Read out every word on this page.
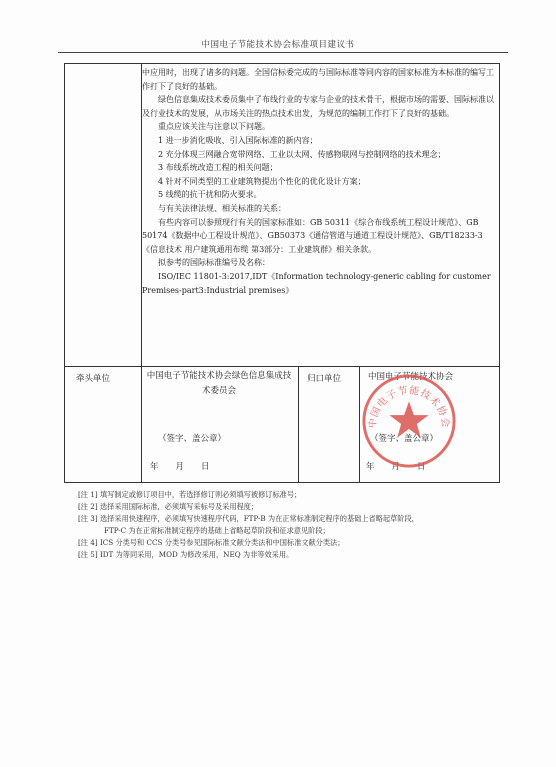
中国电子节能技术协会标准项目建议书

中应用时，出现了诸多的问题。全国信标委完成的与国际标准等同内容的国家标准为本标准的编写工作打下了良好的基础。

绿色信息集成技术委员集中了布线行业的专家与企业的技术骨干，根据市场的需要、国际标准以及行业技术的发展，从市场关注的热点技术出发，为规范的编制工作打下了良好的基础。

重点应该关注与注意以下问题。

1 进一步消化吸收、引入国际标准的新内容；

2 充分体现三网融合宽带网络、工业以太网、传感物联网与控制网络的技术理念；

3 布线系统改造工程的相关问题；

4 针对不同类型的工业建筑物提出个性化的优化设计方案；

5 线缆的抗干扰和防火要求。

与有关法律法规、相关标准的关系：

有些内容可以参照现行有关的国家标准如：GB 50311《综合布线系统工程设计规范》、GB 50174《数据中心工程设计规范》、GB50373《通信管道与通道工程设计规范》、GB/T18233-3《信息技术 用户建筑通用布缆 第3部分：工业建筑群》相关条款。

拟参考的国际标准编号及名称：

ISO/IEC 11801-3:2017,IDT《Information technology-generic cabling for customer Premises-part3:Industrial premises》

牵头单位	中国电子节能技术协会绿色信息集成技术委员会
（签字、盖公章）
年　　月　　日
归口单位	中国电子节能技术协会
（签字、盖公章）
年　　月　　日
中国电子节能技术协会

[注 1] 填写制定或修订项目中，若选择修订则必须填写被修订标准号；

[注 2] 选择采用国际标准，必须填写采标号及采用程度；

[注 3] 选择采用快速程序，必须填写快速程序代码，FTP-B 为在正常标准制定程序的基础上省略起草阶段，

FTP-C 为在正常标准制定程序的基础上省略起草阶段和征求意见阶段；

[注 4] ICS 分类号和 CCS 分类号参见国际标准文献分类法和中国标准文献分类法；

[注 5] IDT 为等同采用，MOD 为修改采用，NEQ 为非等效采用。
